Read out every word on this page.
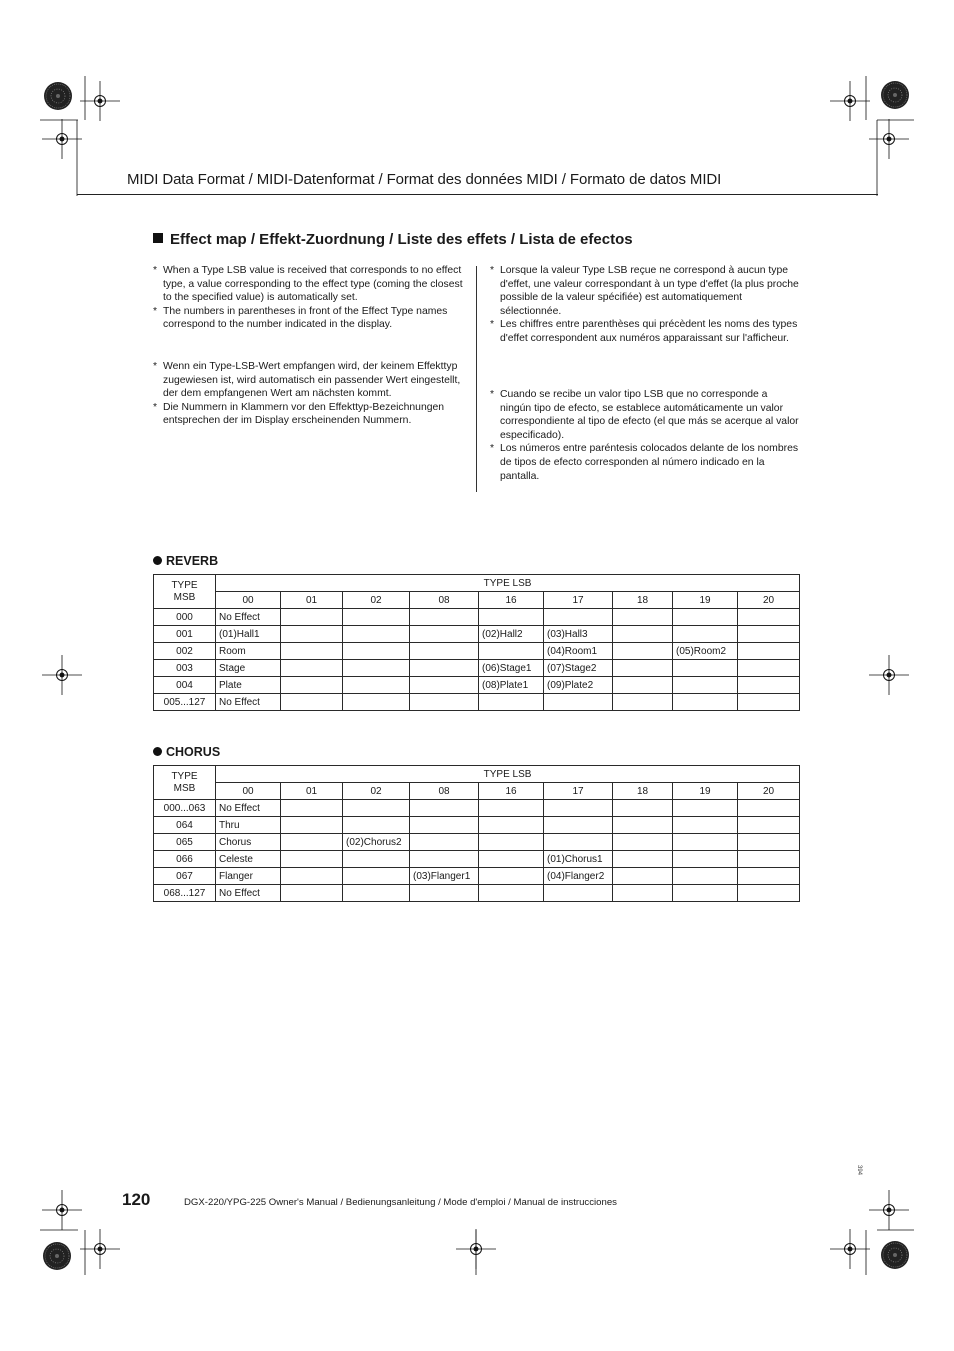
MIDI Data Format / MIDI-Datenformat / Format des données MIDI / Formato de datos MIDI
Effect map / Effekt-Zuordnung / Liste des effets / Lista de efectos

* When a Type LSB value is received that corresponds to no effect type, a value corresponding to the effect type (coming the closest to the specified value) is automatically set.

* The numbers in parentheses in front of the Effect Type names correspond to the number indicated in the display.

* Wenn ein Type-LSB-Wert empfangen wird, der keinem Effekttyp zugewiesen ist, wird automatisch ein passender Wert eingestellt, der dem empfangenen Wert am nächsten kommt.

* Die Nummern in Klammern vor den Effekttyp-Bezeichnungen entsprechen der im Display erscheinenden Nummern.

* Lorsque la valeur Type LSB reçue ne correspond à aucun type d'effet, une valeur correspondant à un type d'effet (la plus proche possible de la valeur spécifiée) est automatiquement sélectionnée.

* Les chiffres entre parenthèses qui précèdent les noms des types d'effet correspondent aux numéros apparaissant sur l'afficheur.

* Cuando se recibe un valor tipo LSB que no corresponde a ningún tipo de efecto, se establece automáticamente un valor correspondiente al tipo de efecto (el que más se acerque al valor especificado).

* Los números entre paréntesis colocados delante de los nombres de tipos de efecto corresponden al número indicado en la pantalla.

REVERB
TYPE
MSB	TYPE LSB								
	00	01	02	08	16	17	18	19	20
000	No Effect								
001	(01)Hall1				(02)Hall2	(03)Hall3			
002	Room					(04)Room1		(05)Room2	
003	Stage				(06)Stage1	(07)Stage2			
004	Plate				(08)Plate1	(09)Plate2			
005...127	No Effect								
CHORUS
TYPE
MSB	TYPE LSB								
	00	01	02	08	16	17	18	19	20
000...063	No Effect								
064	Thru								
065	Chorus		(02)Chorus2						
066	Celeste					(01)Chorus1			
067	Flanger			(03)Flanger1		(04)Flanger2			
068...127	No Effect								
120	DGX-220/YPG-225 Owner's Manual / Bedienungsanleitung / Mode d'emploi / Manual de instrucciones
394
